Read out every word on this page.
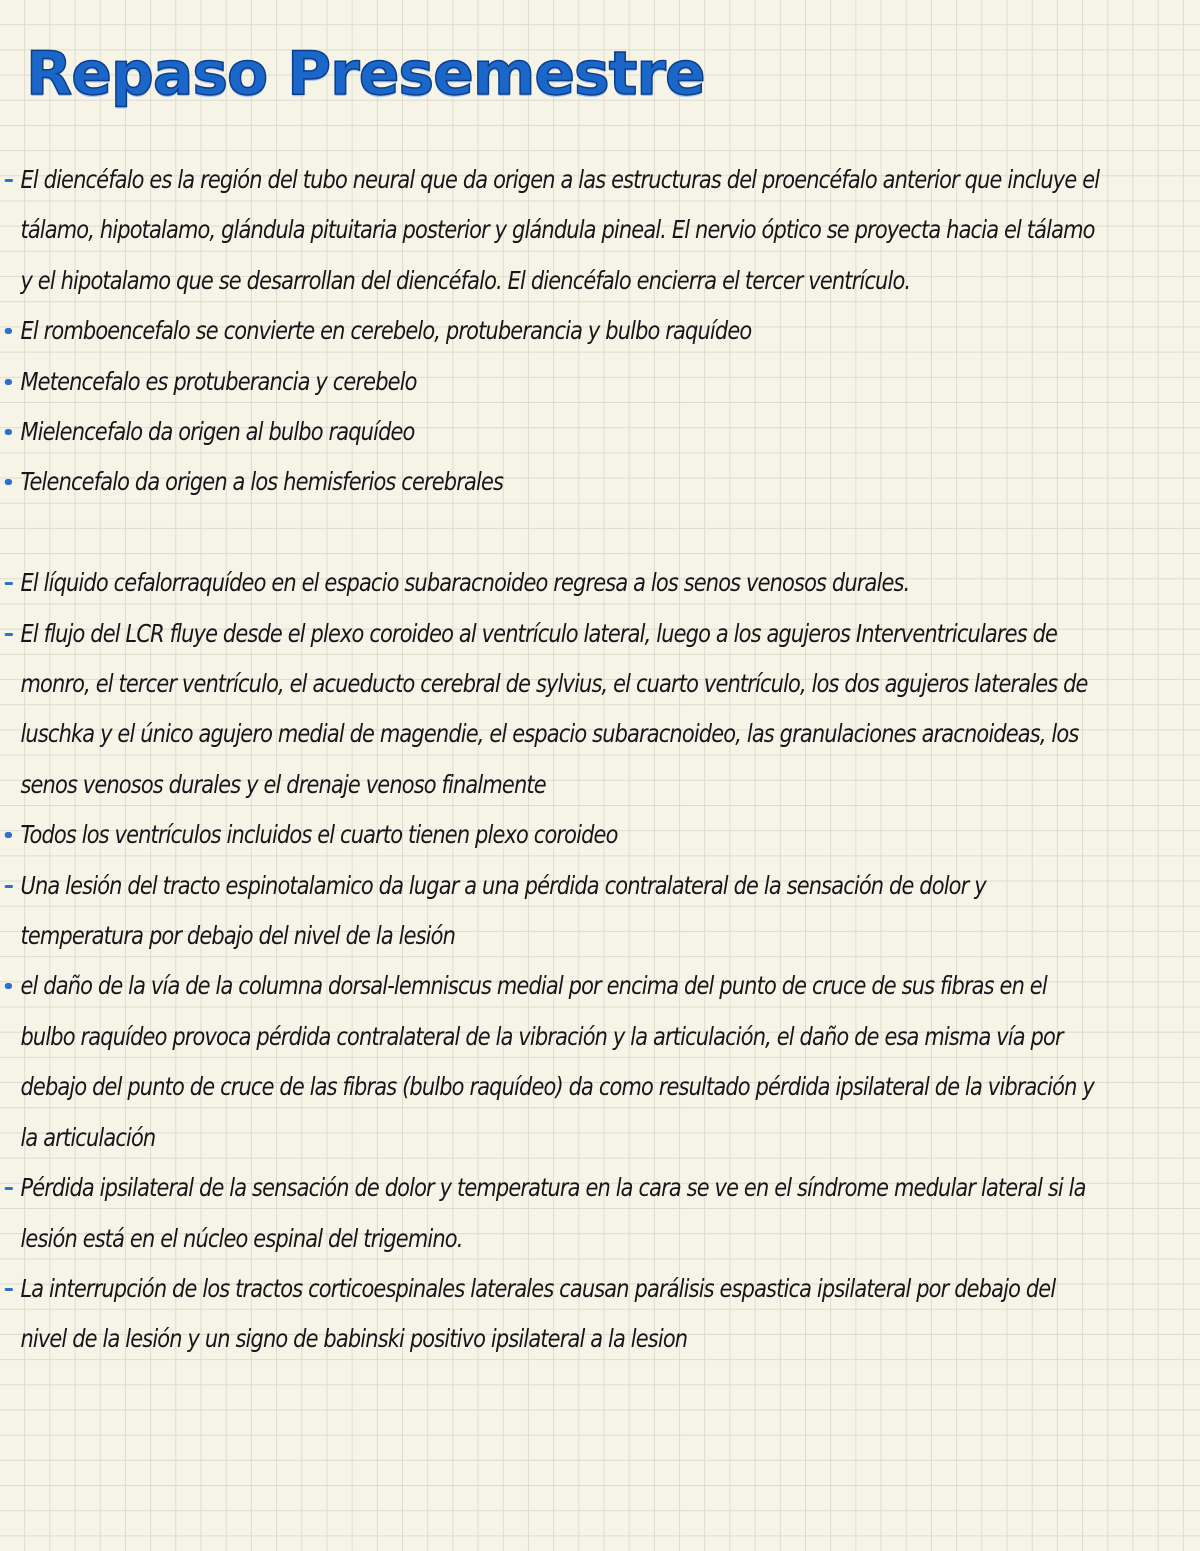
Repaso Presemestre
El diencéfalo es la región del tubo neural que da origen a las estructuras del proencéfalo anterior que incluye el tálamo, hipotalamo, glándula pituitaria posterior y glándula pineal. El nervio óptico se proyecta hacia el tálamo y el hipotalamo que se desarrollan del diencéfalo. El diencéfalo encierra el tercer ventrículo.
El romboencefalo se convierte en cerebelo, protuberancia y bulbo raquídeo
Metencefalo es protuberancia y cerebelo
Mielencefalo da origen al bulbo raquídeo
Telencefalo da origen a los hemisferios cerebrales
El líquido cefalorraquídeo en el espacio subaracnoideo regresa a los senos venosos durales.
El flujo del LCR fluye desde el plexo coroideo al ventrículo lateral, luego a los agujeros Interventriculares de monro, el tercer ventrículo, el acueducto cerebral de sylvius, el cuarto ventrículo, los dos agujeros laterales de luschka y el único agujero medial de magendie, el espacio subaracnoideo, las granulaciones aracnoideas, los senos venosos durales y el drenaje venoso finalmente
Todos los ventrículos incluidos el cuarto tienen plexo coroideo
Una lesión del tracto espinotalamico da lugar a una pérdida contralateral de la sensación de dolor y temperatura por debajo del nivel de la lesión
el daño de la vía de la columna dorsal-lemniscus medial por encima del punto de cruce de sus fibras en el bulbo raquídeo provoca pérdida contralateral de la vibración y la articulación, el daño de esa misma vía por debajo del punto de cruce de las fibras (bulbo raquídeo) da como resultado pérdida ipsilateral de la vibración y la articulación
Pérdida ipsilateral de la sensación de dolor y temperatura en la cara se ve en el síndrome medular lateral si la lesión está en el núcleo espinal del trigemino.
La interrupción de los tractos corticoespinales laterales causan parálisis espastica ipsilateral por debajo del nivel de la lesión y un signo de babinski positivo ipsilateral a la lesion
